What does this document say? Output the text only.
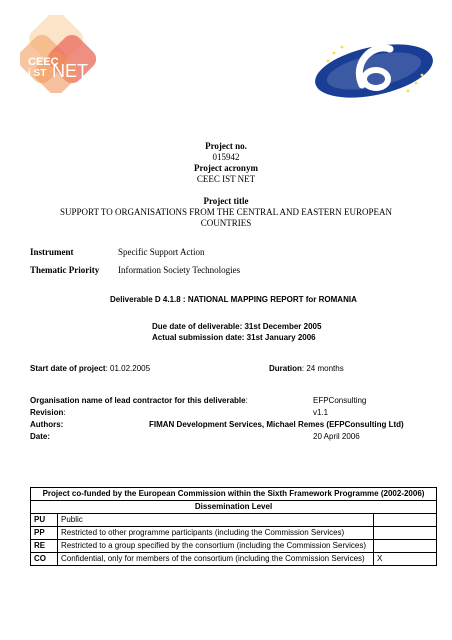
CEEC
i ST NET
Project no.
015942
Project acronym
CEEC IST NET
Project title
SUPPORT TO ORGANISATIONS FROM THE CENTRAL AND EASTERN EUROPEAN
COUNTRIES
Instrument	Specific Support Action
Thematic Priority Information Society Technologies
Deliverable D 4.1.8 : NATIONAL MAPPING REPORT for ROMANIA
Due date of deliverable: 31st December 2005
Actual submission date: 31st January 2006
Start date of project: 01.02.2005	Duration: 24 months
Organisation name of lead contractor for this deliverable:	EFPConsulting
Revision:	v1.1
Authors:	FIMAN Development Services, Michael Remes (EFPConsulting Ltd)
Date:	20 April 2006
Project co-funded by the European Commission within the Sixth Framework Programme (2002-2006)		
Dissemination Level		
PU	Public	
PP	Restricted to other programme participants (including the Commission Services)	
RE	Restricted to a group specified by the consortium (including the Commission Services)	
CO	Confidential, only for members of the consortium (including the Commission Services)	X
